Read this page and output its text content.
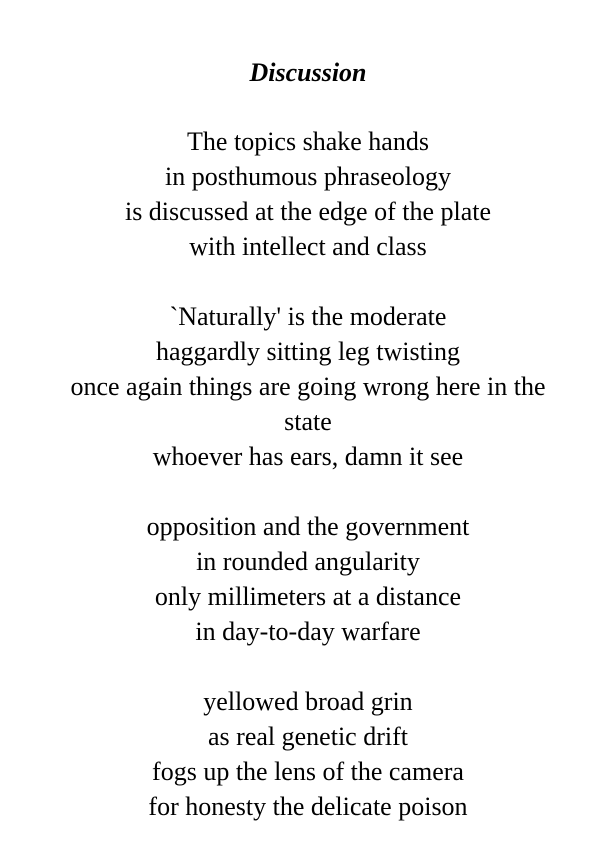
Discussion
The topics shake hands
in posthumous phraseology
is discussed at the edge of the plate
with intellect and class
`Naturally' is the moderate
haggardly sitting leg twisting
once again things are going wrong here in the
state
whoever has ears, damn it see
opposition and the government
in rounded angularity
only millimeters at a distance
in day-to-day warfare
yellowed broad grin
as real genetic drift
fogs up the lens of the camera
for honesty the delicate poison
